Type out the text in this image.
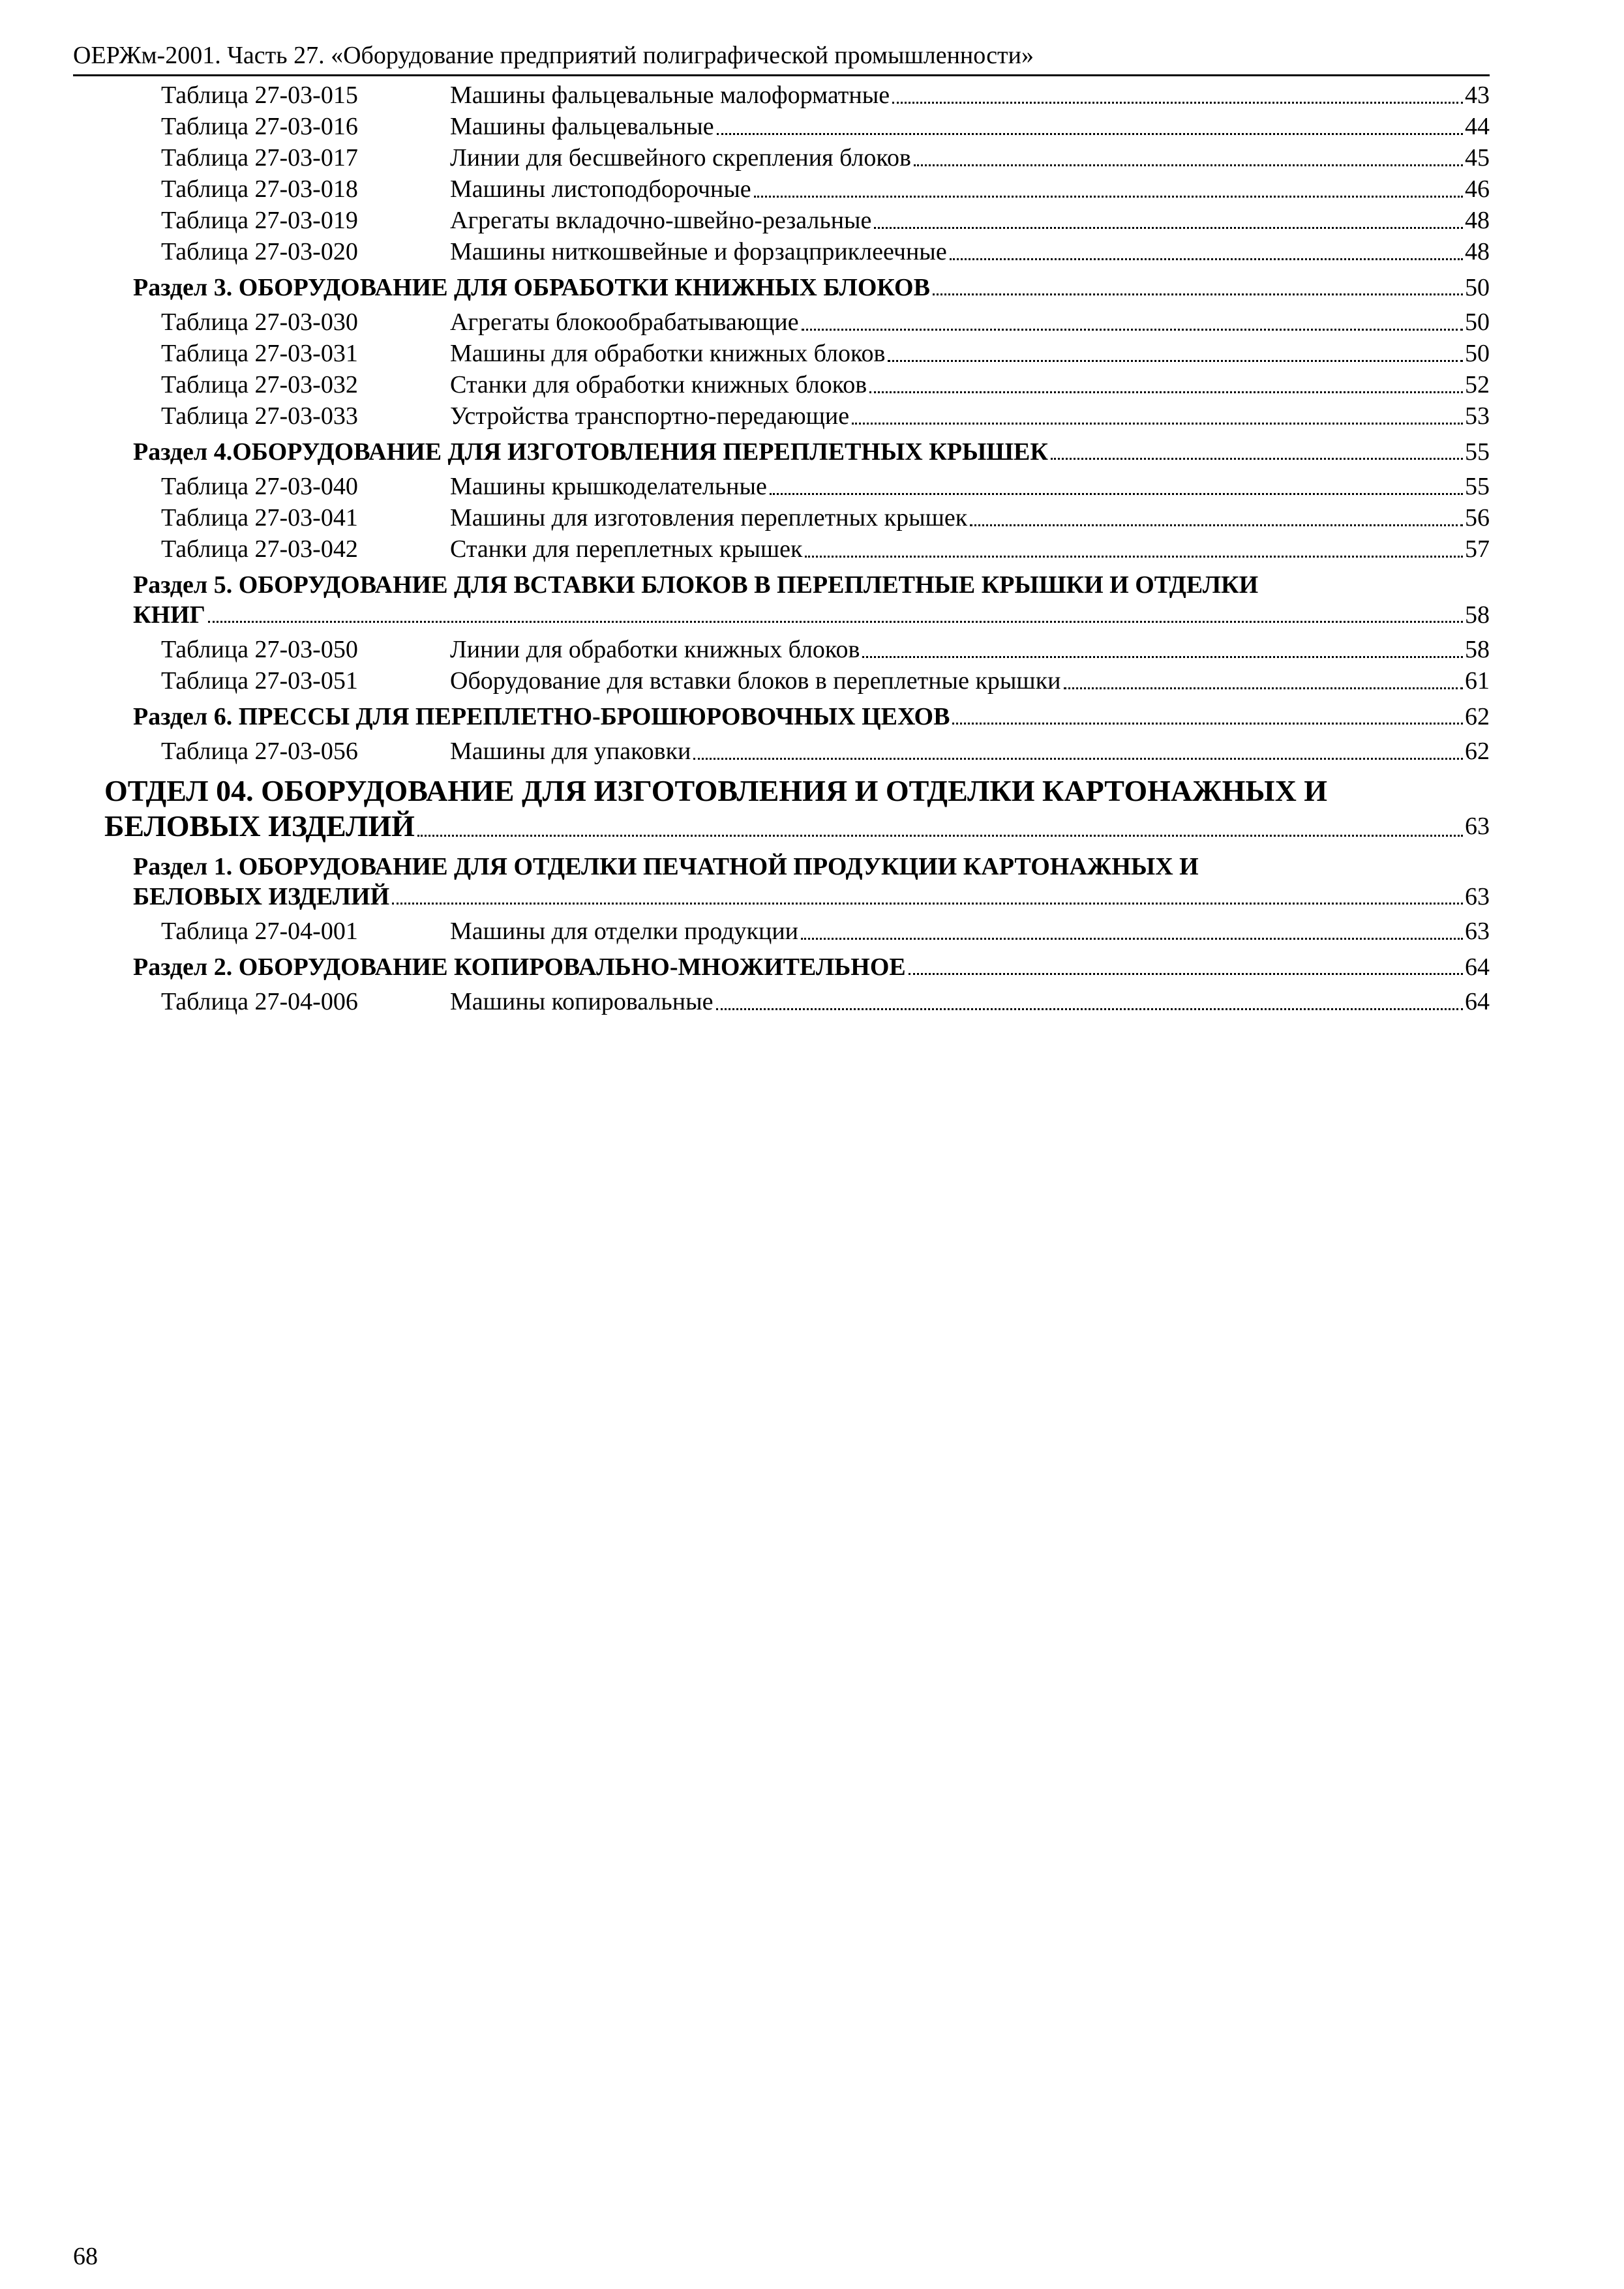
ОЕРЖм-2001. Часть 27. «Оборудование предприятий полиграфической промышленности»
Таблица 27-03-015	Машины фальцевальные малоформатные	43
Таблица 27-03-016	Машины фальцевальные	44
Таблица 27-03-017	Линии для бесшвейного скрепления блоков	45
Таблица 27-03-018	Машины листоподборочные	46
Таблица 27-03-019	Агрегаты вкладочно-швейно-резальные	48
Таблица 27-03-020	Машины ниткошвейные и форзацприклеечные	48
Раздел 3. ОБОРУДОВАНИЕ ДЛЯ ОБРАБОТКИ КНИЖНЫХ БЛОКОВ	50
Таблица 27-03-030	Агрегаты блокообрабатывающие	50
Таблица 27-03-031	Машины для обработки книжных блоков	50
Таблица 27-03-032	Станки для обработки книжных блоков	52
Таблица 27-03-033	Устройства транспортно-передающие	53
Раздел 4.ОБОРУДОВАНИЕ ДЛЯ ИЗГОТОВЛЕНИЯ ПЕРЕПЛЕТНЫХ КРЫШЕК	55
Таблица 27-03-040	Машины крышкоделательные	55
Таблица 27-03-041	Машины для изготовления переплетных крышек	56
Таблица 27-03-042	Станки для переплетных крышек	57
Раздел 5. ОБОРУДОВАНИЕ ДЛЯ ВСТАВКИ БЛОКОВ В ПЕРЕПЛЕТНЫЕ КРЫШКИ И ОТДЕЛКИ
КНИГ	58
Таблица 27-03-050	Линии для обработки книжных блоков	58
Таблица 27-03-051	Оборудование для вставки блоков в переплетные крышки	61
Раздел 6. ПРЕССЫ ДЛЯ ПЕРЕПЛЕТНО-БРОШЮРОВОЧНЫХ ЦЕХОВ	62
Таблица 27-03-056	Машины для упаковки	62
ОТДЕЛ 04. ОБОРУДОВАНИЕ ДЛЯ ИЗГОТОВЛЕНИЯ И ОТДЕЛКИ КАРТОНАЖНЫХ И
БЕЛОВЫХ ИЗДЕЛИЙ	63
Раздел 1. ОБОРУДОВАНИЕ ДЛЯ ОТДЕЛКИ ПЕЧАТНОЙ ПРОДУКЦИИ КАРТОНАЖНЫХ И
БЕЛОВЫХ ИЗДЕЛИЙ	63
Таблица 27-04-001	Машины для отделки продукции	63
Раздел 2. ОБОРУДОВАНИЕ КОПИРОВАЛЬНО-МНОЖИТЕЛЬНОЕ	64
Таблица 27-04-006	Машины копировальные	64
68
